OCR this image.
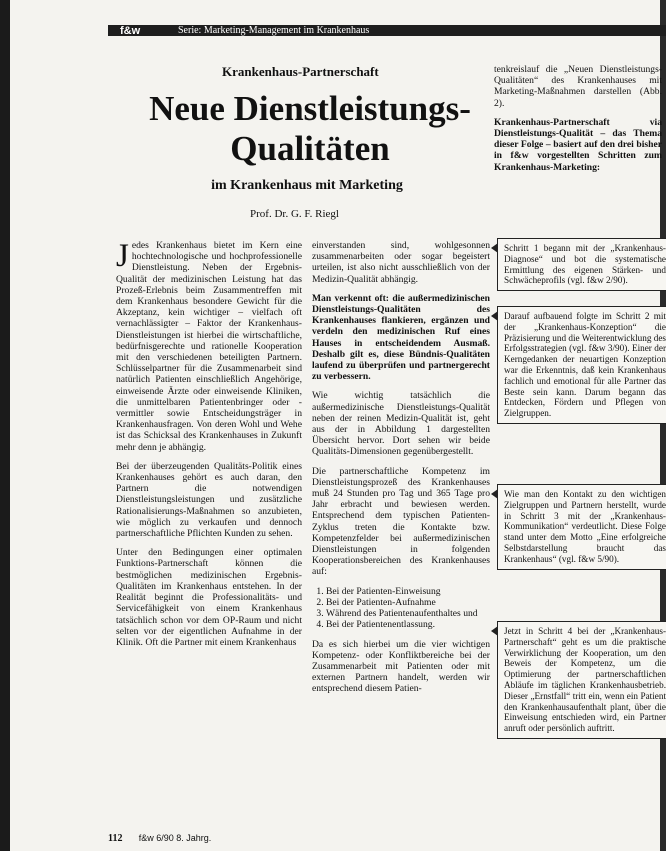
f&w	Serie: Marketing-Management im Krankenhaus
Krankenhaus-Partnerschaft
Neue Dienstleistungs-
Qualitäten
im Krankenhaus mit Marketing
Prof. Dr. G. F. Riegl

Jedes Krankenhaus bietet im Kern eine hochtechnologische und hochprofessionelle Dienstleistung. Neben der Ergebnis-Qualität der medizinischen Leistung hat das Prozeß-Erlebnis beim Zusammentreffen mit dem Krankenhaus besondere Gewicht für die Akzeptanz, kein wichtiger – vielfach oft vernachlässigter – Faktor der Krankenhaus-Dienstleistungen ist hierbei die wirtschaftliche, bedürfnisgerechte und rationelle Kooperation mit den verschiedenen beteiligten Partnern. Schlüsselpartner für die Zusammenarbeit sind natürlich Patienten einschließlich Angehörige, einweisende Ärzte oder einweisende Kliniken, die unmittelbaren Patientenbringer oder -vermittler sowie Entscheidungsträger in Krankenhausfragen. Von deren Wohl und Wehe ist das Schicksal des Krankenhauses in Zukunft mehr denn je abhängig.

Bei der überzeugenden Qualitäts-Politik eines Krankenhauses gehört es auch daran, den Partnern die notwendigen Dienstleistungsleistungen und zusätzliche Rationalisierungs-Maßnahmen so anzubieten, wie möglich zu verkaufen und dennoch partnerschaftliche Pflichten Kunden zu sehen.

Unter den Bedingungen einer optimalen Funktions-Partnerschaft können die bestmöglichen medizinischen Ergebnis-Qualitäten im Krankenhaus entstehen. In der Realität beginnt die Professionalitäts- und Servicefähigkeit von einem Krankenhaus tatsächlich schon vor dem OP-Raum und nicht selten vor der eigentlichen Aufnahme in der Klinik. Oft die Partner mit einem Krankenhaus

einverstanden sind, wohlgesonnen zusammenarbeiten oder sogar begeistert urteilen, ist also nicht ausschließlich von der Medizin-Qualität abhängig.

Man verkennt oft: die außermedizinischen Dienstleistungs-Qualitäten des Krankenhauses flankieren, ergänzen und verdeln den medizinischen Ruf eines Hauses in entscheidendem Ausmaß. Deshalb gilt es, diese Bündnis-Qualitäten laufend zu überprüfen und partnergerecht zu verbessern.

Wie wichtig tatsächlich die außermedizinische Dienstleistungs-Qualität neben der reinen Medizin-Qualität ist, geht aus der in Abbildung 1 dargestellten Übersicht hervor. Dort sehen wir beide Qualitäts-Dimensionen gegenübergestellt.

Die partnerschaftliche Kompetenz im Dienstleistungsprozeß des Krankenhauses muß 24 Stunden pro Tag und 365 Tage pro Jahr erbracht und bewiesen werden. Entsprechend dem typischen Patienten-Zyklus treten die Kontakte bzw. Kompetenzfelder bei außermedizinischen Dienstleistungen in folgenden Kooperationsbereichen des Krankenhauses auf:

1. Bei der Patienten-Einweisung
2. Bei der Patienten-Aufnahme
3. Während des Patientenaufenthaltes und
4. Bei der Patientenentlassung.

Da es sich hierbei um die vier wichtigen Kompetenz- oder Konfliktbereiche bei der Zusammenarbeit mit Patienten oder mit externen Partnern handelt, werden wir entsprechend diesem Patien-

tenkreislauf die „Neuen Dienstleistungs-Qualitäten“ des Krankenhauses mit Marketing-Maßnahmen darstellen (Abb. 2).

Krankenhaus-Partnerschaft via Dienstleistungs-Qualität – das Thema dieser Folge – basiert auf den drei bisher in f&w vorgestellten Schritten zum Krankenhaus-Marketing:

Schritt 1 begann mit der „Krankenhaus-Diagnose“ und bot die systematische Ermittlung des eigenen Stärken- und Schwächeprofils (vgl. f&w 2/90).
Darauf aufbauend folgte im Schritt 2 mit der „Krankenhaus-Konzeption“ die Präzisierung und die Weiterentwicklung des Erfolgsstrategien (vgl. f&w 3/90). Einer der Kerngedanken der neuartigen Konzeption war die Erkenntnis, daß kein Krankenhaus fachlich und emotional für alle Partner das Beste sein kann. Darum begann das Entdecken, Fördern und Pflegen von Zielgruppen.
Wie man den Kontakt zu den wichtigen Zielgruppen und Partnern herstellt, wurde in Schritt 3 mit der „Krankenhaus-Kommunikation“ verdeutlicht. Diese Folge stand unter dem Motto „Eine erfolgreiche Selbstdarstellung braucht das Krankenhaus“ (vgl. f&w 5/90).
Jetzt in Schritt 4 bei der „Krankenhaus-Partnerschaft“ geht es um die praktische Verwirklichung der Kooperation, um den Beweis der Kompetenz, um die Optimierung der partnerschaftlichen Abläufe im täglichen Krankenhausbetrieb. Dieser „Ernstfall“ tritt ein, wenn ein Patient den Krankenhausaufenthalt plant, über die Einweisung entschieden wird, ein Partner anruft oder persönlich auftritt.
112 f&w 6/90 8. Jahrg.
